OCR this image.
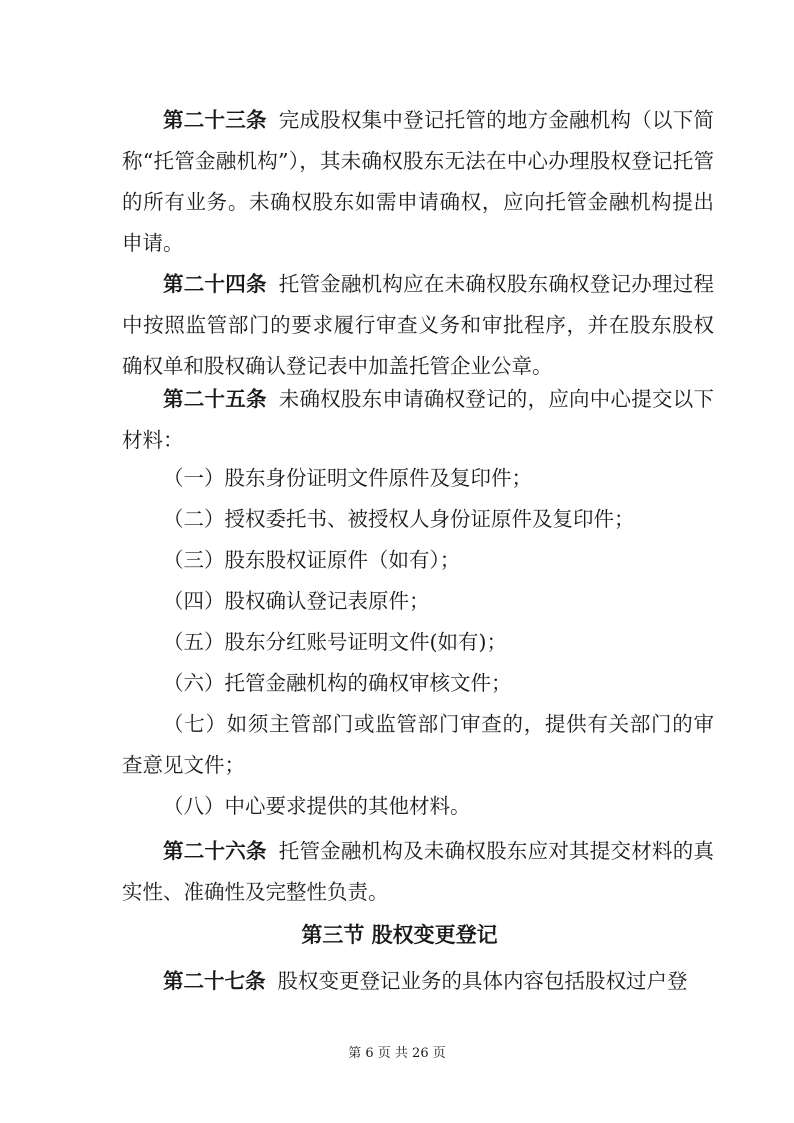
第二十三条 完成股权集中登记托管的地方金融机构（以下简称“托管金融机构”），其未确权股东无法在中心办理股权登记托管的所有业务。未确权股东如需申请确权，应向托管金融机构提出申请。

第二十四条 托管金融机构应在未确权股东确权登记办理过程中按照监管部门的要求履行审查义务和审批程序，并在股东股权确权单和股权确认登记表中加盖托管企业公章。

第二十五条 未确权股东申请确权登记的，应向中心提交以下材料：

（一）股东身份证明文件原件及复印件；

（二）授权委托书、被授权人身份证原件及复印件；

（三）股东股权证原件（如有）；

（四）股权确认登记表原件；

（五）股东分红账号证明文件(如有)；

（六）托管金融机构的确权审核文件；

（七）如须主管部门或监管部门审查的，提供有关部门的审查意见文件；

（八）中心要求提供的其他材料。

第二十六条 托管金融机构及未确权股东应对其提交材料的真实性、准确性及完整性负责。

第三节 股权变更登记

第二十七条 股权变更登记业务的具体内容包括股权过户登

第 6 页 共 26 页
